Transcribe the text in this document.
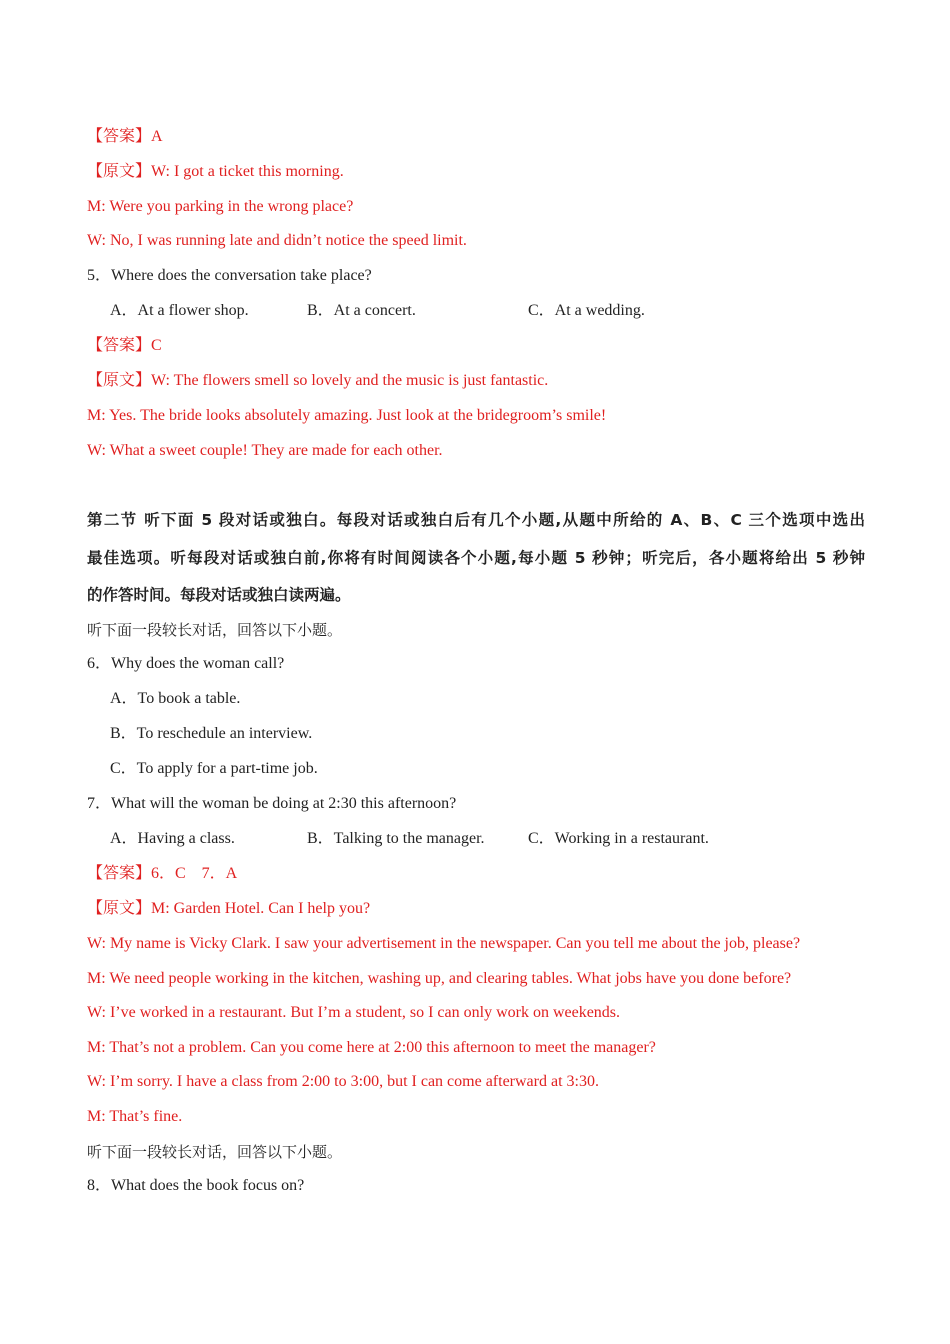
【答案】A
【原文】W: I got a ticket this morning.
M: Were you parking in the wrong place?
W: No, I was running late and didn’t notice the speed limit.
5．Where does the conversation take place?
A．At a flower shop.	B．At a concert.	C．At a wedding.
【答案】C
【原文】W: The flowers smell so lovely and the music is just fantastic.
M: Yes. The bride looks absolutely amazing. Just look at the bridegroom’s smile!
W: What a sweet couple! They are made for each other.
第二节 听下面 5 段对话或独白。每段对话或独白后有几个小题,从题中所给的 A、B、C 三个选项中选出
最佳选项。听每段对话或独白前,你将有时间阅读各个小题,每小题 5 秒钟；听完后，各小题将给出 5 秒钟
的作答时间。每段对话或独白读两遍。
听下面一段较长对话，回答以下小题。
6．Why does the woman call?
A．To book a table.
B．To reschedule an interview.
C．To apply for a part-time job.
7．What will the woman be doing at 2:30 this afternoon?
A．Having a class.	B．Talking to the manager.	C．Working in a restaurant.
【答案】6．C　7．A
【原文】M: Garden Hotel. Can I help you?
W: My name is Vicky Clark. I saw your advertisement in the newspaper. Can you tell me about the job, please?
M: We need people working in the kitchen, washing up, and clearing tables. What jobs have you done before?
W: I’ve worked in a restaurant. But I’m a student, so I can only work on weekends.
M: That’s not a problem. Can you come here at 2:00 this afternoon to meet the manager?
W: I’m sorry. I have a class from 2:00 to 3:00, but I can come afterward at 3:30.
M: That’s fine.
听下面一段较长对话，回答以下小题。
8．What does the book focus on?
